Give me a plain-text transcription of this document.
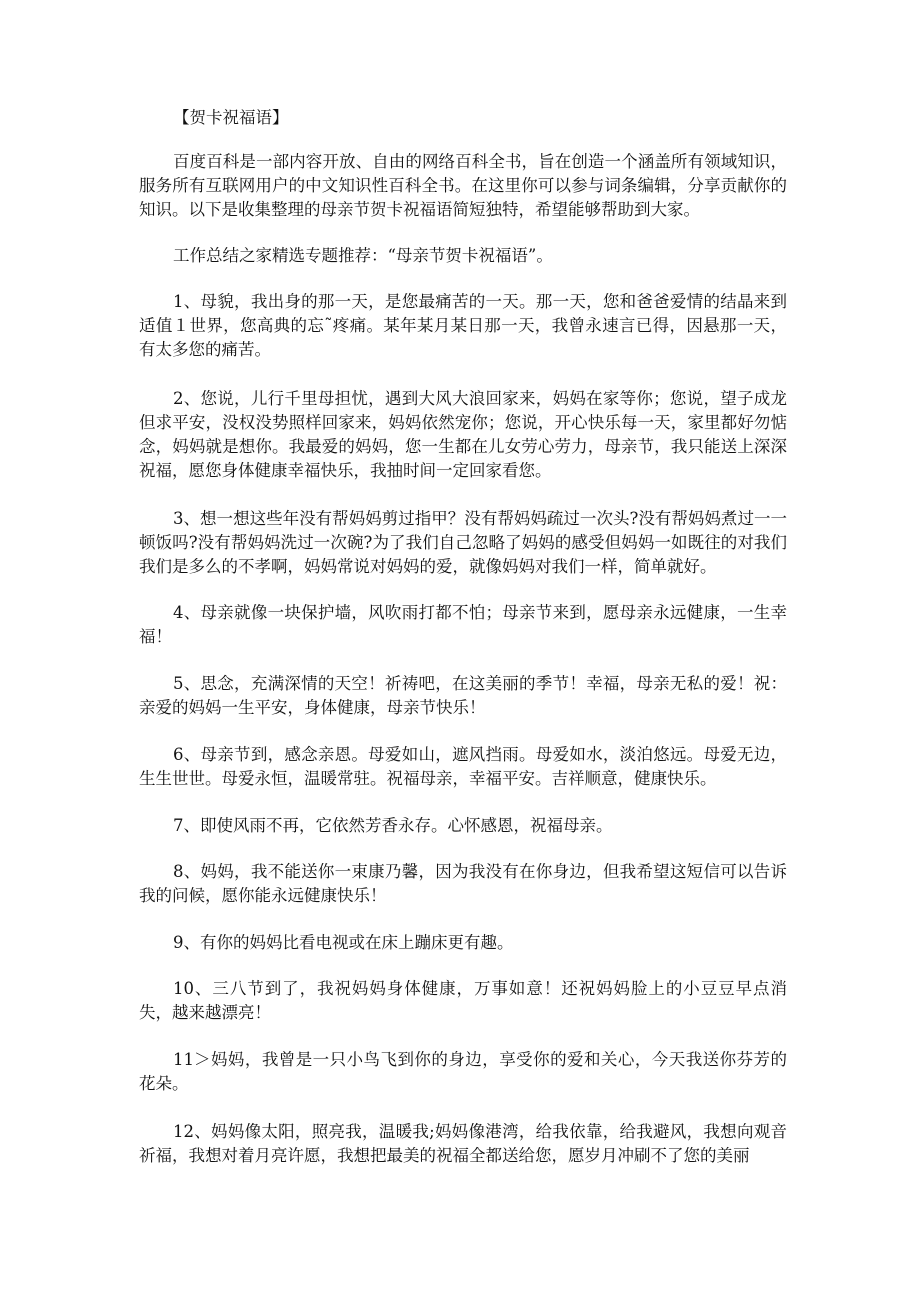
【贺卡祝福语】

百度百科是一部内容开放、自由的网络百科全书，旨在创造一个涵盖所有领域知识，服务所有互联网用户的中文知识性百科全书。在这里你可以参与词条编辑，分享贡献你的知识。以下是收集整理的母亲节贺卡祝福语简短独特，希望能够帮助到大家。

工作总结之家精选专题推荐：“母亲节贺卡祝福语”。

1、母貌，我出身的那一天，是您最痛苦的一天。那一天，您和爸爸爱情的结晶来到适值１世界，您高典的忘˜疼痛。某年某月某日那一天，我曾永速言已得，因悬那一天，有太多您的痛苦。

2、您说，儿行千里母担忧，遇到大风大浪回家来，妈妈在家等你；您说，望子成龙但求平安，没权没势照样回家来，妈妈依然宠你；您说，开心快乐每一天，家里都好勿惦念，妈妈就是想你。我最爱的妈妈，您一生都在儿女劳心劳力，母亲节，我只能送上深深祝福，愿您身体健康幸福快乐，我抽时间一定回家看您。

3、想一想这些年没有帮妈妈剪过指甲？没有帮妈妈疏过一次头?没有帮妈妈煮过一一顿饭吗?没有帮妈妈洗过一次碗?为了我们自己忽略了妈妈的感受但妈妈一如既往的对我们我们是多么的不孝啊，妈妈常说对妈妈的爱，就像妈妈对我们一样，简单就好。

4、母亲就像一块保护墙，风吹雨打都不怕；母亲节来到，愿母亲永远健康，一生幸福！

5、思念，充满深情的天空！祈祷吧，在这美丽的季节！幸福，母亲无私的爱！祝：亲爱的妈妈一生平安，身体健康，母亲节快乐！

6、母亲节到，感念亲恩。母爱如山，遮风挡雨。母爱如水，淡泊悠远。母爱无边，生生世世。母爱永恒，温暖常驻。祝福母亲，幸福平安。吉祥顺意，健康快乐。

7、即使风雨不再，它依然芳香永存。心怀感恩，祝福母亲。

8、妈妈，我不能送你一束康乃馨，因为我没有在你身边，但我希望这短信可以告诉我的问候，愿你能永远健康快乐！

9、有你的妈妈比看电视或在床上蹦床更有趣。

10、三八节到了，我祝妈妈身体健康，万事如意！还祝妈妈脸上的小豆豆早点消失，越来越漂亮！

11＞妈妈，我曾是一只小鸟飞到你的身边，享受你的爱和关心，今天我送你芬芳的花朵。

12、妈妈像太阳，照亮我，温暖我;妈妈像港湾，给我依靠，给我避风，我想向观音祈福，我想对着月亮许愿，我想把最美的祝福全都送给您，愿岁月冲刷不了您的美丽
